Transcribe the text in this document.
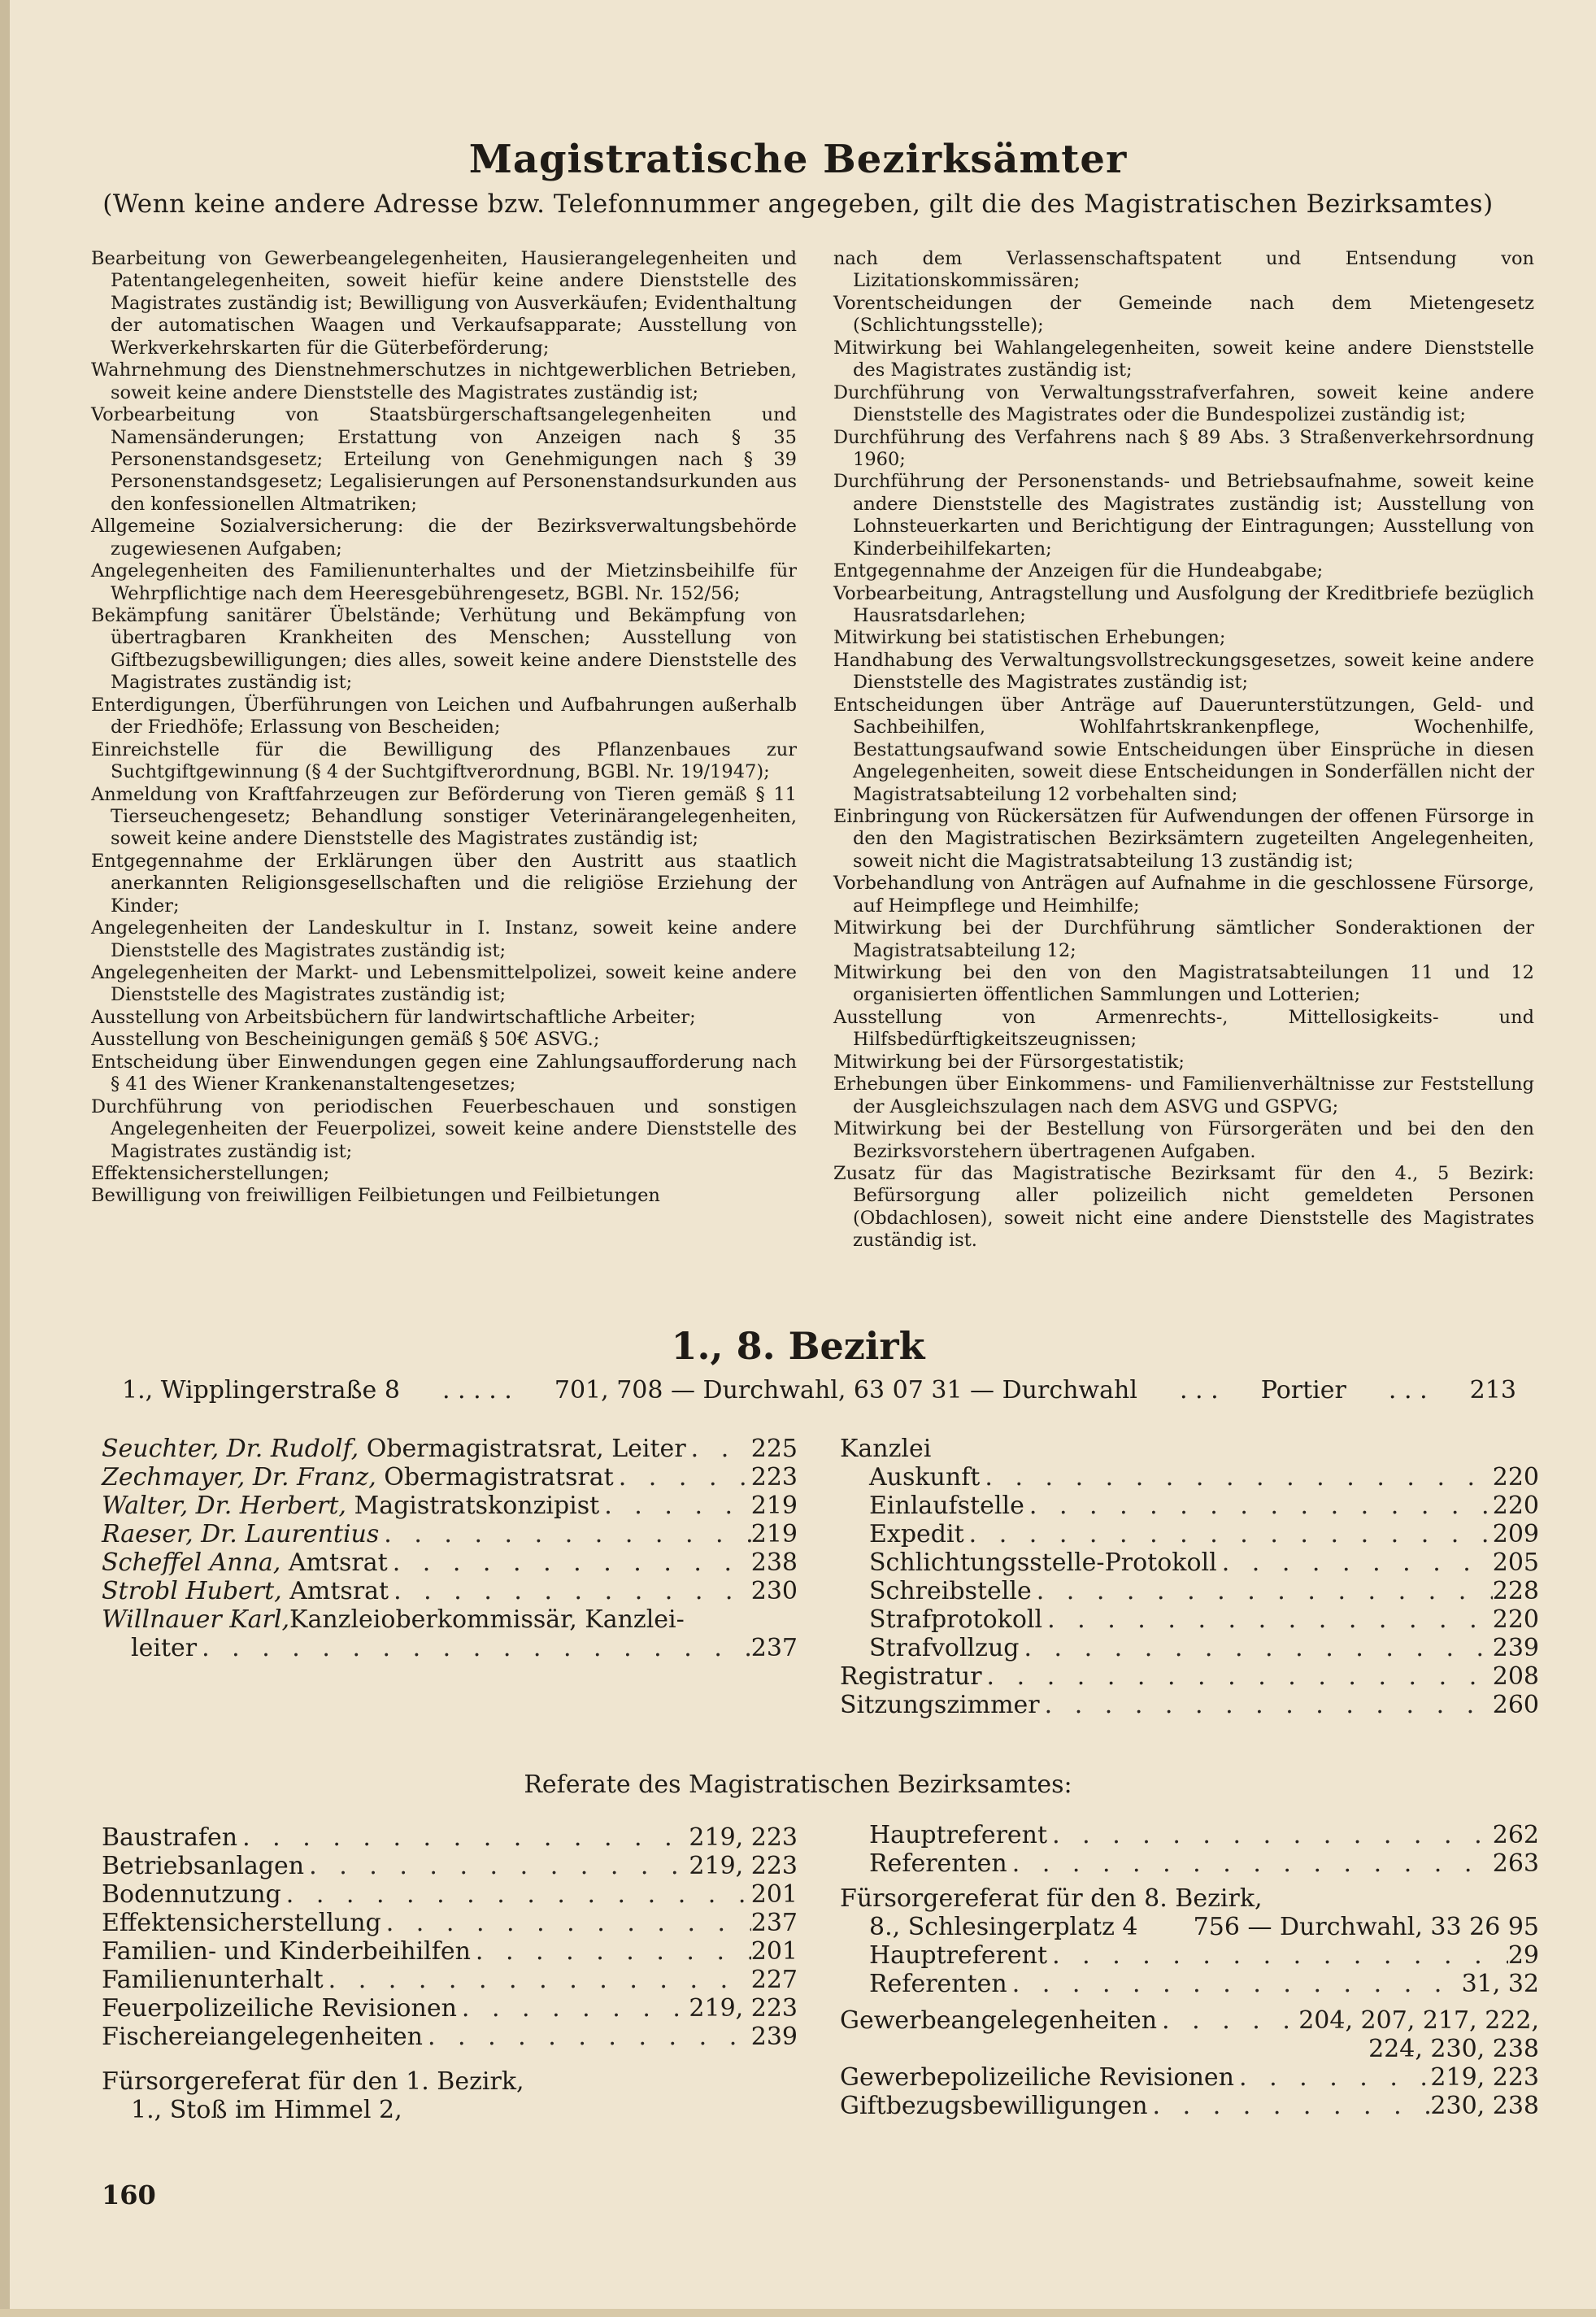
Magistratische Bezirksämter
(Wenn keine andere Adresse bzw. Telefonnummer angegeben, gilt die des Magistratischen Bezirksamtes)

Bearbeitung von Gewerbeangelegenheiten, Hausierangelegenheiten und Patentangelegenheiten, soweit hiefür keine andere Dienststelle des Magistrates zuständig ist; Bewilligung von Ausverkäufen; Evidenthaltung der automatischen Waagen und Verkaufsapparate; Ausstellung von Werkverkehrskarten für die Güterbeförderung;

Wahrnehmung des Dienstnehmerschutzes in nichtgewerblichen Betrieben, soweit keine andere Dienststelle des Magistrates zuständig ist;

Vorbearbeitung von Staatsbürgerschaftsangelegenheiten und Namensänderungen; Erstattung von Anzeigen nach § 35 Personenstandsgesetz; Erteilung von Genehmigungen nach § 39 Personenstandsgesetz; Legalisierungen auf Personenstandsurkunden aus den konfessionellen Altmatriken;

Allgemeine Sozialversicherung: die der Bezirksverwaltungsbehörde zugewiesenen Aufgaben;

Angelegenheiten des Familienunterhaltes und der Mietzinsbeihilfe für Wehrpflichtige nach dem Heeresgebührengesetz, BGBl. Nr. 152/56;

Bekämpfung sanitärer Übelstände; Verhütung und Bekämpfung von übertragbaren Krankheiten des Menschen; Ausstellung von Giftbezugsbewilligungen; dies alles, soweit keine andere Dienststelle des Magistrates zuständig ist;

Enterdigungen, Überführungen von Leichen und Aufbahrungen außerhalb der Friedhöfe; Erlassung von Bescheiden;

Einreichstelle für die Bewilligung des Pflanzenbaues zur Suchtgiftgewinnung (§ 4 der Suchtgiftverordnung, BGBl. Nr. 19/1947);

Anmeldung von Kraftfahrzeugen zur Beförderung von Tieren gemäß § 11 Tierseuchengesetz; Behandlung sonstiger Veterinärangelegenheiten, soweit keine andere Dienststelle des Magistrates zuständig ist;

Entgegennahme der Erklärungen über den Austritt aus staatlich anerkannten Religionsgesellschaften und die religiöse Erziehung der Kinder;

Angelegenheiten der Landeskultur in I. Instanz, soweit keine andere Dienststelle des Magistrates zuständig ist;

Angelegenheiten der Markt- und Lebensmittelpolizei, soweit keine andere Dienststelle des Magistrates zuständig ist;

Ausstellung von Arbeitsbüchern für landwirtschaftliche Arbeiter;

Ausstellung von Bescheinigungen gemäß § 50€ ASVG.;

Entscheidung über Einwendungen gegen eine Zahlungsaufforderung nach § 41 des Wiener Krankenanstaltengesetzes;

Durchführung von periodischen Feuerbeschauen und sonstigen Angelegenheiten der Feuerpolizei, soweit keine andere Dienststelle des Magistrates zuständig ist;

Effektensicherstellungen;

Bewilligung von freiwilligen Feilbietungen und Feilbietungen

nach dem Verlassenschaftspatent und Entsendung von Lizitationskommissären;

Vorentscheidungen der Gemeinde nach dem Mietengesetz (Schlichtungsstelle);

Mitwirkung bei Wahlangelegenheiten, soweit keine andere Dienststelle des Magistrates zuständig ist;

Durchführung von Verwaltungsstrafverfahren, soweit keine andere Dienststelle des Magistrates oder die Bundespolizei zuständig ist;

Durchführung des Verfahrens nach § 89 Abs. 3 Straßenverkehrsordnung 1960;

Durchführung der Personenstands- und Betriebsaufnahme, soweit keine andere Dienststelle des Magistrates zuständig ist; Ausstellung von Lohnsteuerkarten und Berichtigung der Eintragungen; Ausstellung von Kinderbeihilfekarten;

Entgegennahme der Anzeigen für die Hundeabgabe;

Vorbearbeitung, Antragstellung und Ausfolgung der Kreditbriefe bezüglich Hausratsdarlehen;

Mitwirkung bei statistischen Erhebungen;

Handhabung des Verwaltungsvollstreckungsgesetzes, soweit keine andere Dienststelle des Magistrates zuständig ist;

Entscheidungen über Anträge auf Dauerunterstützungen, Geld- und Sachbeihilfen, Wohlfahrtskrankenpflege, Wochenhilfe, Bestattungsaufwand sowie Entscheidungen über Einsprüche in diesen Angelegenheiten, soweit diese Entscheidungen in Sonderfällen nicht der Magistratsabteilung 12 vorbehalten sind;

Einbringung von Rückersätzen für Aufwendungen der offenen Fürsorge in den den Magistratischen Bezirksämtern zugeteilten Angelegenheiten, soweit nicht die Magistratsabteilung 13 zuständig ist;

Vorbehandlung von Anträgen auf Aufnahme in die geschlossene Fürsorge, auf Heimpflege und Heimhilfe;

Mitwirkung bei der Durchführung sämtlicher Sonderaktionen der Magistratsabteilung 12;

Mitwirkung bei den von den Magistratsabteilungen 11 und 12 organisierten öffentlichen Sammlungen und Lotterien;

Ausstellung von Armenrechts-, Mittellosigkeits- und Hilfsbedürftigkeitszeugnissen;

Mitwirkung bei der Fürsorgestatistik;

Erhebungen über Einkommens- und Familienverhältnisse zur Feststellung der Ausgleichszulagen nach dem ASVG und GSPVG;

Mitwirkung bei der Bestellung von Fürsorgeräten und bei den den Bezirksvorstehern übertragenen Aufgaben.

Zusatz für das Magistratische Bezirksamt für den 4., 5 Bezirk: Befürsorgung aller polizeilich nicht gemeldeten Personen (Obdachlosen), soweit nicht eine andere Dienststelle des Magistrates zuständig ist.

1., 8. Bezirk
1., Wipplingerstraße 8 . . . . . 701, 708 — Durchwahl, 63 07 31 — Durchwahl . . . Portier . . . 213
Seuchter, Dr. Rudolf, Obermagistratsrat, Leiter . . .	225
Zechmayer, Dr. Franz, Obermagistratsrat . . .	223
Walter, Dr. Herbert, Magistratskonzipist . . .	219
Raeser, Dr. Laurentius . . .	219
Scheffel Anna, Amtsrat . . .	238
Strobl Hubert, Amtsrat . . .	230
Willnauer Karl, Kanzleioberkommissär, Kanzlei-
leiter . . .	237
Kanzlei
Auskunft . . .	220
Einlaufstelle . . .	220
Expedit . . .	209
Schlichtungsstelle-Protokoll . . .	205
Schreibstelle . . .	228
Strafprotokoll . . .	220
Strafvollzug . . .	239
Registratur . . .	208
Sitzungszimmer . . .	260
Referate des Magistratischen Bezirksamtes:
Baustrafen . . .	219, 223
Betriebsanlagen . . .	219, 223
Bodennutzung . . .	201
Effektensicherstellung . . .	237
Familien- und Kinderbeihilfen . . .	201
Familienunterhalt . . .	227
Feuerpolizeiliche Revisionen . . .	219, 223
Fischereiangelegenheiten . . .	239
Fürsorgereferat für den 1. Bezirk,
1., Stoß im Himmel 2,
Hauptreferent . . .	262
Referenten . . .	263
Fürsorgereferat für den 8. Bezirk,
8., Schlesingerplatz 4 756 — Durchwahl, 33 26 95
Hauptreferent . . .	29
Referenten . . .	31, 32
Gewerbeangelegenheiten . . .	204, 207, 217, 222,
224, 230, 238
Gewerbepolizeiliche Revisionen . . .	219, 223
Giftbezugsbewilligungen . . .	230, 238
160
